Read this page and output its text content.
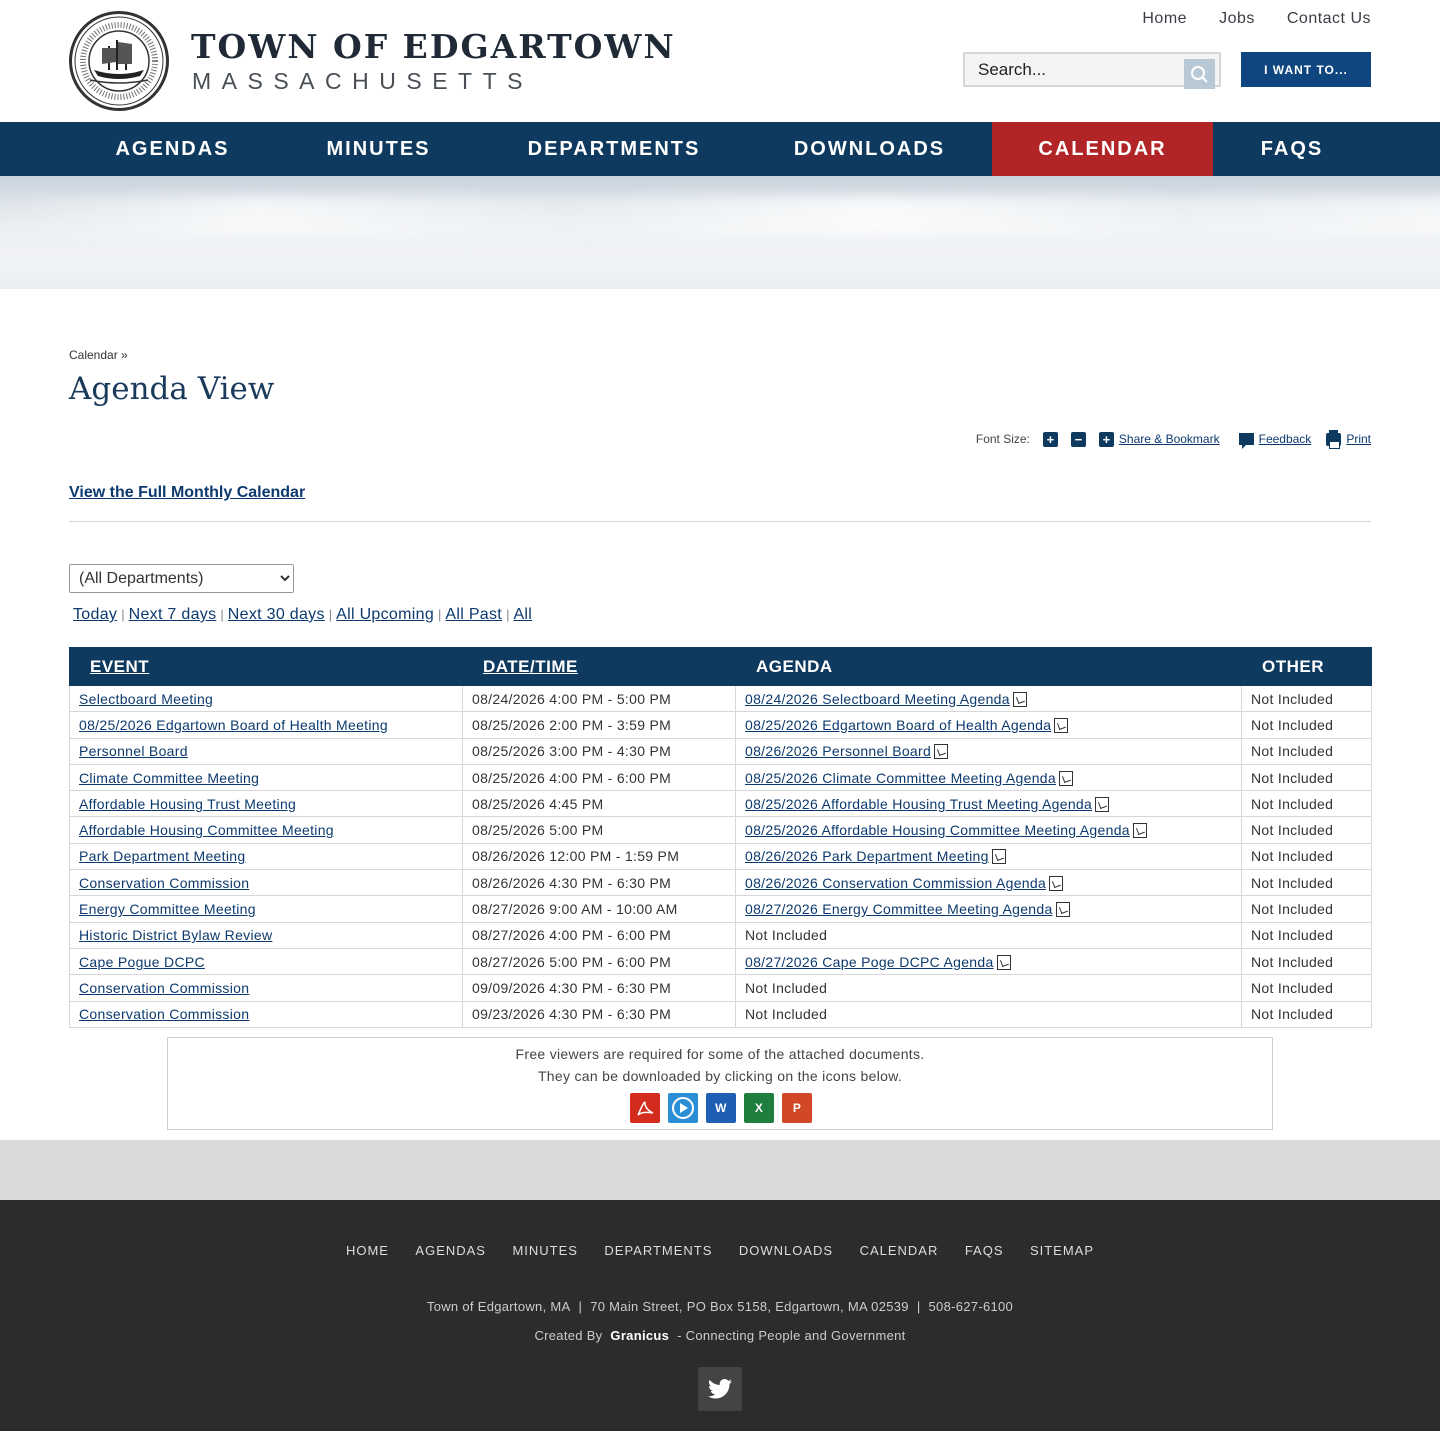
TOWN OF EDGARTOWN
MASSACHUSETTS
Home Jobs Contact Us
Search...
I WANT TO...
AGENDAS	MINUTES	DEPARTMENTS	DOWNLOADS	CALENDAR	FAQS
Calendar »
Agenda View
Font Size: + − + Share & Bookmark	Feedback	Print
View the Full Monthly Calendar
(All Departments)
Today | Next 7 days | Next 30 days | All Upcoming | All Past | All
EVENT	DATE/TIME	AGENDA	OTHER
Selectboard Meeting	08/24/2026 4:00 PM - 5:00 PM	08/24/2026 Selectboard Meeting Agenda	Not Included
08/25/2026 Edgartown Board of Health Meeting	08/25/2026 2:00 PM - 3:59 PM	08/25/2026 Edgartown Board of Health Agenda	Not Included
Personnel Board	08/25/2026 3:00 PM - 4:30 PM	08/26/2026 Personnel Board	Not Included
Climate Committee Meeting	08/25/2026 4:00 PM - 6:00 PM	08/25/2026 Climate Committee Meeting Agenda	Not Included
Affordable Housing Trust Meeting	08/25/2026 4:45 PM	08/25/2026 Affordable Housing Trust Meeting Agenda	Not Included
Affordable Housing Committee Meeting	08/25/2026 5:00 PM	08/25/2026 Affordable Housing Committee Meeting Agenda	Not Included
Park Department Meeting	08/26/2026 12:00 PM - 1:59 PM	08/26/2026 Park Department Meeting	Not Included
Conservation Commission	08/26/2026 4:30 PM - 6:30 PM	08/26/2026 Conservation Commission Agenda	Not Included
Energy Committee Meeting	08/27/2026 9:00 AM - 10:00 AM	08/27/2026 Energy Committee Meeting Agenda	Not Included
Historic District Bylaw Review	08/27/2026 4:00 PM - 6:00 PM	Not Included	Not Included
Cape Pogue DCPC	08/27/2026 5:00 PM - 6:00 PM	08/27/2026 Cape Poge DCPC Agenda	Not Included
Conservation Commission	09/09/2026 4:30 PM - 6:30 PM	Not Included	Not Included
Conservation Commission	09/23/2026 4:30 PM - 6:30 PM	Not Included	Not Included
Free viewers are required for some of the attached documents.
They can be downloaded by clicking on the icons below.
W	X	P
HOME AGENDAS MINUTES DEPARTMENTS DOWNLOADS CALENDAR FAQS SITEMAP
Town of Edgartown, MA | 70 Main Street, PO Box 5158, Edgartown, MA 02539 | 508-627-6100
Created By Granicus - Connecting People and Government
